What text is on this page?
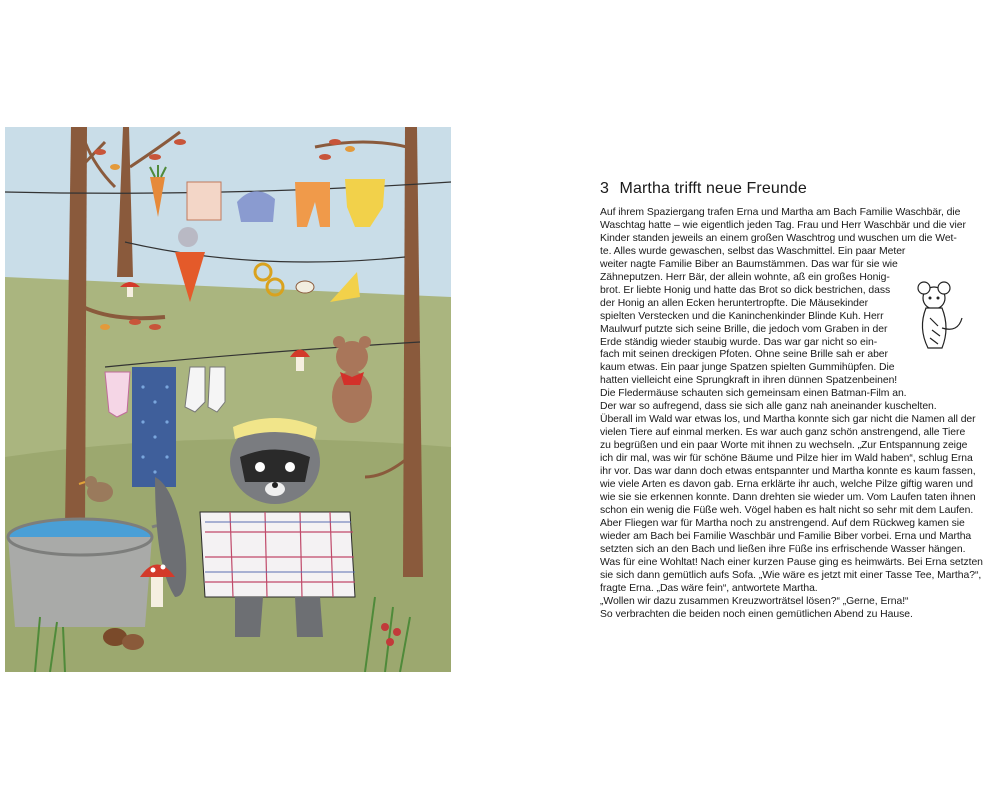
3 Martha trifft neue Freunde

Auf ihrem Spaziergang trafen Erna und Martha am Bach Familie Waschbär, die
Waschtag hatte – wie eigentlich jeden Tag. Frau und Herr Waschbär und die vier
Kinder standen jeweils an einem großen Waschtrog und wuschen um die Wet-
te. Alles wurde gewaschen, selbst das Waschmittel. Ein paar Meter
weiter nagte Familie Biber an Baumstämmen. Das war für sie wie
Zähneputzen. Herr Bär, der allein wohnte, aß ein großes Honig-
brot. Er liebte Honig und hatte das Brot so dick bestrichen, dass
der Honig an allen Ecken heruntertropfte. Die Mäusekinder
spielten Verstecken und die Kaninchenkinder Blinde Kuh. Herr
Maulwurf putzte sich seine Brille, die jedoch vom Graben in der
Erde ständig wieder staubig wurde. Das war gar nicht so ein-
fach mit seinen dreckigen Pfoten. Ohne seine Brille sah er aber
kaum etwas. Ein paar junge Spatzen spielten Gummihüpfen. Die
hatten vielleicht eine Sprungkraft in ihren dünnen Spatzenbeinen!
Die Fledermäuse schauten sich gemeinsam einen Batman-Film an.
Der war so aufregend, dass sie sich alle ganz nah aneinander kuschelten.
Überall im Wald war etwas los, und Martha konnte sich gar nicht die Namen all der
vielen Tiere auf einmal merken. Es war auch ganz schön anstrengend, alle Tiere
zu begrüßen und ein paar Worte mit ihnen zu wechseln. „Zur Entspannung zeige
ich dir mal, was wir für schöne Bäume und Pilze hier im Wald haben“, schlug Erna
ihr vor. Das war dann doch etwas entspannter und Martha konnte es kaum fassen,
wie viele Arten es davon gab. Erna erklärte ihr auch, welche Pilze giftig waren und
wie sie sie erkennen konnte. Dann drehten sie wieder um. Vom Laufen taten ihnen
schon ein wenig die Füße weh. Vögel haben es halt nicht so sehr mit dem Laufen.
Aber Fliegen war für Martha noch zu anstrengend. Auf dem Rückweg kamen sie
wieder am Bach bei Familie Waschbär und Familie Biber vorbei. Erna und Martha
setzten sich an den Bach und ließen ihre Füße ins erfrischende Wasser hängen.
Was für eine Wohltat! Nach einer kurzen Pause ging es heimwärts. Bei Erna setzten
sie sich dann gemütlich aufs Sofa. „Wie wäre es jetzt mit einer Tasse Tee, Martha?“,
fragte Erna. „Das wäre fein“, antwortete Martha.
„Wollen wir dazu zusammen Kreuzworträtsel lösen?“ „Gerne, Erna!“
So verbrachten die beiden noch einen gemütlichen Abend zu Hause.
